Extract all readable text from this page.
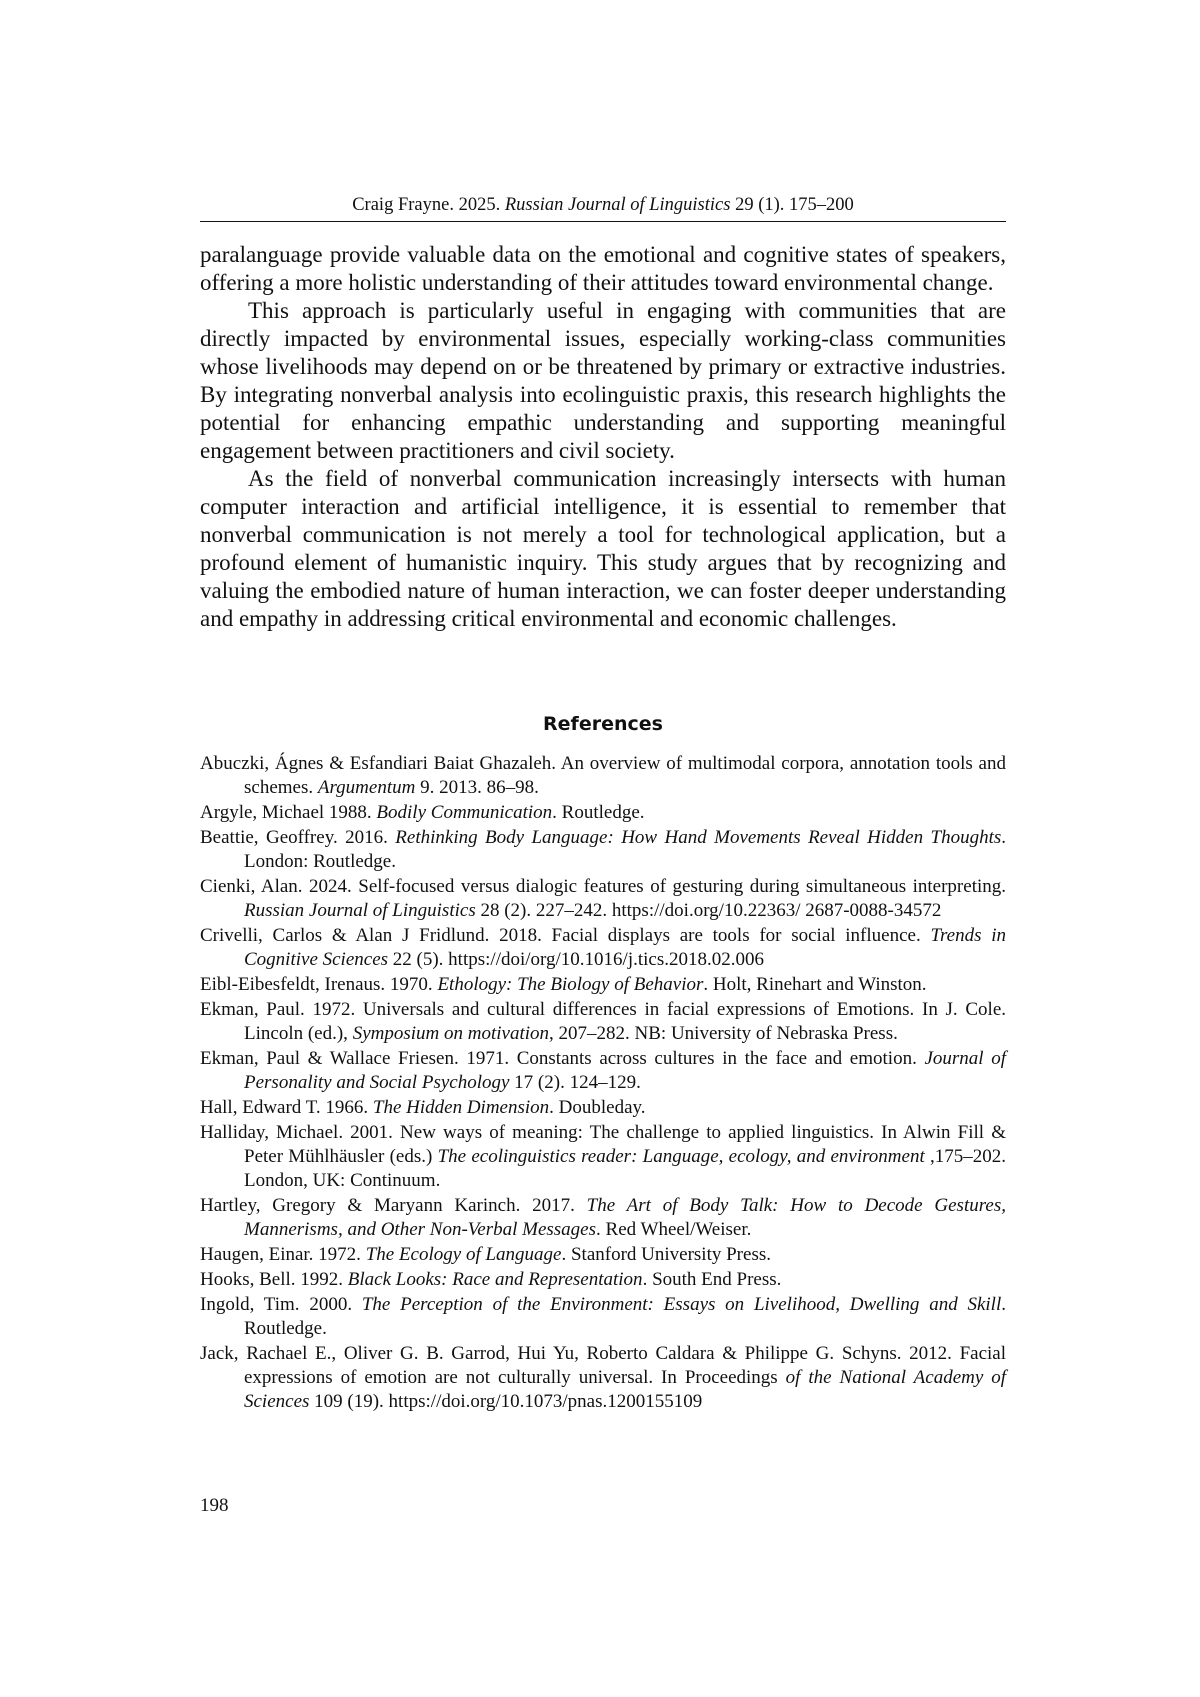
Craig Frayne. 2025. Russian Journal of Linguistics 29 (1). 175–200

paralanguage provide valuable data on the emotional and cognitive states of speakers, offering a more holistic understanding of their attitudes toward environmental change.

This approach is particularly useful in engaging with communities that are directly impacted by environmental issues, especially working-class communities whose livelihoods may depend on or be threatened by primary or extractive industries. By integrating nonverbal analysis into ecolinguistic praxis, this research highlights the potential for enhancing empathic understanding and supporting meaningful engagement between practitioners and civil society.

As the field of nonverbal communication increasingly intersects with human computer interaction and artificial intelligence, it is essential to remember that nonverbal communication is not merely a tool for technological application, but a profound element of humanistic inquiry. This study argues that by recognizing and valuing the embodied nature of human interaction, we can foster deeper understanding and empathy in addressing critical environmental and economic challenges.

References
Abuczki, Ágnes & Esfandiari Baiat Ghazaleh. An overview of multimodal corpora, annotation tools and schemes. Argumentum 9. 2013. 86–98.
Argyle, Michael 1988. Bodily Communication. Routledge.
Beattie, Geoffrey. 2016. Rethinking Body Language: How Hand Movements Reveal Hidden Thoughts. London: Routledge.
Cienki, Alan. 2024. Self-focused versus dialogic features of gesturing during simultaneous interpreting. Russian Journal of Linguistics 28 (2). 227–242. https://doi.org/10.22363/ 2687-0088-34572
Crivelli, Carlos & Alan J Fridlund. 2018. Facial displays are tools for social influence. Trends in Cognitive Sciences 22 (5). https://doi/org/10.1016/j.tics.2018.02.006
Eibl-Eibesfeldt, Irenaus. 1970. Ethology: The Biology of Behavior. Holt, Rinehart and Winston.
Ekman, Paul. 1972. Universals and cultural differences in facial expressions of Emotions. In J. Cole. Lincoln (ed.), Symposium on motivation, 207–282. NB: University of Nebraska Press.
Ekman, Paul & Wallace Friesen. 1971. Constants across cultures in the face and emotion. Journal of Personality and Social Psychology 17 (2). 124–129.
Hall, Edward T. 1966. The Hidden Dimension. Doubleday.
Halliday, Michael. 2001. New ways of meaning: The challenge to applied linguistics. In Alwin Fill & Peter Mühlhäusler (eds.) The ecolinguistics reader: Language, ecology, and environment ,175–202. London, UK: Continuum.
Hartley, Gregory & Maryann Karinch. 2017. The Art of Body Talk: How to Decode Gestures, Mannerisms, and Other Non-Verbal Messages. Red Wheel/Weiser.
Haugen, Einar. 1972. The Ecology of Language. Stanford University Press.
Hooks, Bell. 1992. Black Looks: Race and Representation. South End Press.
Ingold, Tim. 2000. The Perception of the Environment: Essays on Livelihood, Dwelling and Skill. Routledge.
Jack, Rachael E., Oliver G. B. Garrod, Hui Yu, Roberto Caldara & Philippe G. Schyns. 2012. Facial expressions of emotion are not culturally universal. In Proceedings of the National Academy of Sciences 109 (19). https://doi.org/10.1073/pnas.1200155109
198
